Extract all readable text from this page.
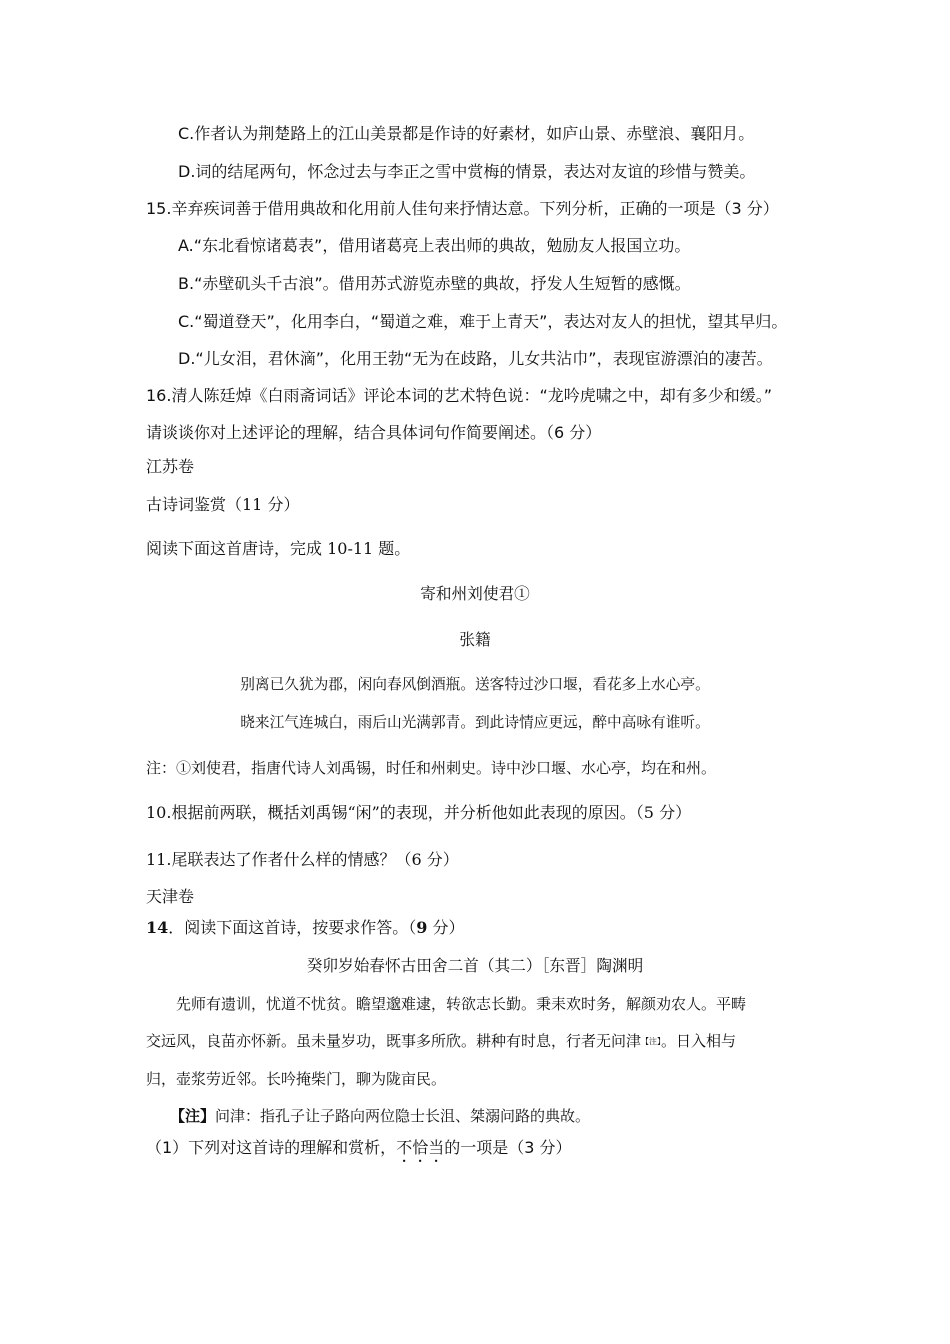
C.作者认为荆楚路上的江山美景都是作诗的好素材，如庐山景、赤壁浪、襄阳月。
D.词的结尾两句，怀念过去与李正之雪中赏梅的情景，表达对友谊的珍惜与赞美。
15.辛弃疾词善于借用典故和化用前人佳句来抒情达意。下列分析，正确的一项是（3 分）
A.“东北看惊诸葛表”，借用诸葛亮上表出师的典故，勉励友人报国立功。
B.“赤壁矶头千古浪”。借用苏式游览赤壁的典故，抒发人生短暂的感慨。
C.“蜀道登天”，化用李白，“蜀道之难，难于上青天”，表达对友人的担忧，望其早归。
D.“儿女泪，君休滴”，化用王勃“无为在歧路，儿女共沾巾”，表现宦游漂泊的凄苦。
16.清人陈廷焯《白雨斋词话》评论本词的艺术特色说：“龙吟虎啸之中，却有多少和缓。”
请谈谈你对上述评论的理解，结合具体词句作简要阐述。（6 分）
江苏卷
古诗词鉴赏（11 分）
阅读下面这首唐诗，完成 10-11 题。
寄和州刘使君①
张籍
别离已久犹为郡，闲向春风倒酒瓶。送客特过沙口堰，看花多上水心亭。
晓来江气连城白，雨后山光满郭青。到此诗情应更远，醉中高咏有谁听。
注：①刘使君，指唐代诗人刘禹锡，时任和州刺史。诗中沙口堰、水心亭，均在和州。
10.根据前两联，概括刘禹锡“闲”的表现，并分析他如此表现的原因。（5 分）
11.尾联表达了作者什么样的情感？（6 分）
天津卷
14．阅读下面这首诗，按要求作答。（9 分）
癸卯岁始春怀古田舍二首（其二）［东晋］陶渊明
先师有遗训，忧道不忧贫。瞻望邈难逮，转欲志长勤。秉耒欢时务，解颜劝农人。平畴
交远风，良苗亦怀新。虽未量岁功，既事多所欣。耕种有时息，行者无问津【注】。日入相与
归，壶浆劳近邻。长吟掩柴门，聊为陇亩民。
【注】问津：指孔子让子路向两位隐士长沮、桀溺问路的典故。
（1）下列对这首诗的理解和赏析，不恰当的一项是（3 分）
